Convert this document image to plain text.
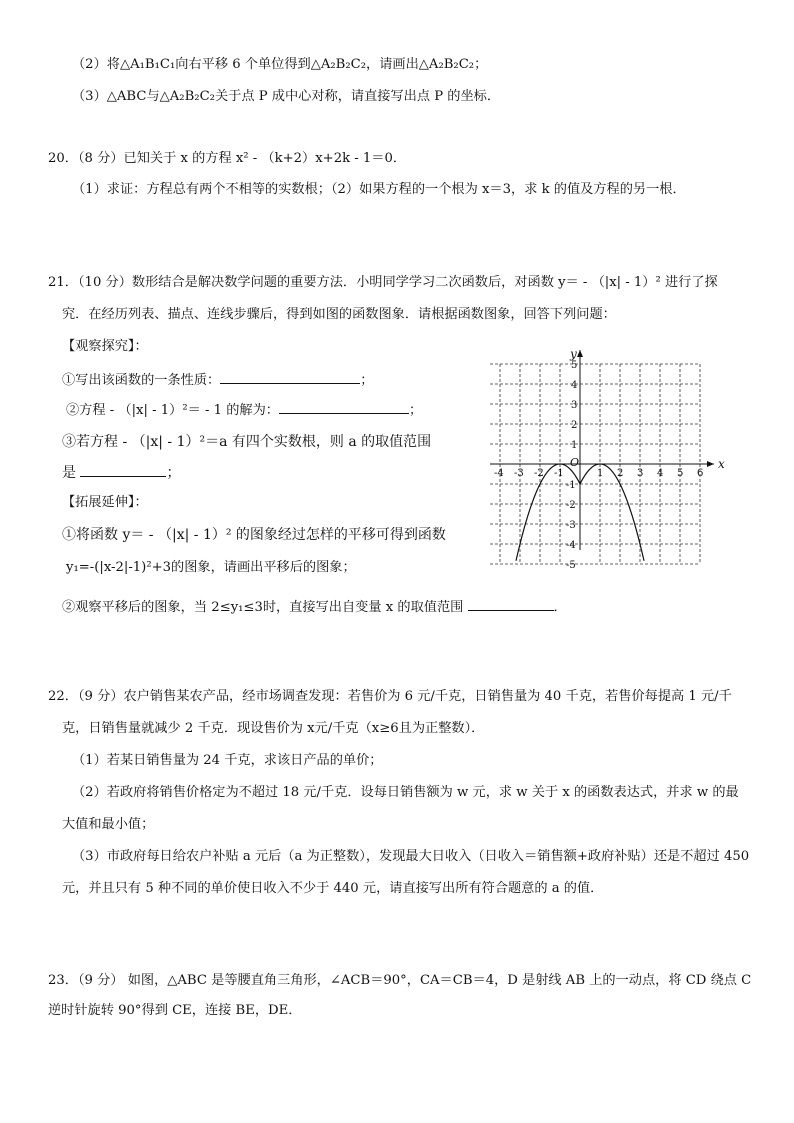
（2）将△A₁B₁C₁向右平移 6 个单位得到△A₂B₂C₂，请画出△A₂B₂C₂；
（3）△ABC与△A₂B₂C₂关于点 P 成中心对称，请直接写出点 P 的坐标．
20．（8 分）已知关于 x 的方程 x² - （k+2）x+2k - 1＝0．
（1）求证：方程总有两个不相等的实数根；（2）如果方程的一个根为 x＝3，求 k 的值及方程的另一根．
21．（10 分）数形结合是解决数学问题的重要方法．小明同学学习二次函数后，对函数 y＝ - （|x| - 1）² 进行了探
究．在经历列表、描点、连线步骤后，得到如图的函数图象．请根据函数图象，回答下列问题：
【观察探究】：
①写出该函数的一条性质：	；
②方程 - （|x| - 1）²＝ - 1 的解为：	；
③若方程 - （|x| - 1）²＝a 有四个实数根，则 a 的取值范围
是	；
【拓展延伸】：
①将函数 y＝ - （|x| - 1）² 的图象经过怎样的平移可得到函数
y₁=-(|x-2|-1)²+3的图象，请画出平移后的图象；
②观察平移后的图象，当 2≤y₁≤3时，直接写出自变量 x 的取值范围	．
x
y
O
-4 -3 -2 -1	1 2 3 4 5 6
5
4
3
2
1
-1
-2
-3
-4
-5
22．（9 分）农户销售某农产品，经市场调查发现：若售价为 6 元/千克，日销售量为 40 千克，若售价每提高 1 元/千
克，日销售量就减少 2 千克．现设售价为 x元/千克（x≥6且为正整数）．
（1）若某日销售量为 24 千克，求该日产品的单价；
（2）若政府将销售价格定为不超过 18 元/千克．设每日销售额为 w 元，求 w 关于 x 的函数表达式，并求 w 的最
大值和最小值；
（3）市政府每日给农户补贴 a 元后（a 为正整数），发现最大日收入（日收入＝销售额+政府补贴）还是不超过 450
元，并且只有 5 种不同的单价使日收入不少于 440 元，请直接写出所有符合题意的 a 的值．
23．（9 分） 如图，△ABC 是等腰直角三角形，∠ACB＝90°，CA＝CB＝4，D 是射线 AB 上的一动点，将 CD 绕点 C
逆时针旋转 90°得到 CE，连接 BE，DE．
